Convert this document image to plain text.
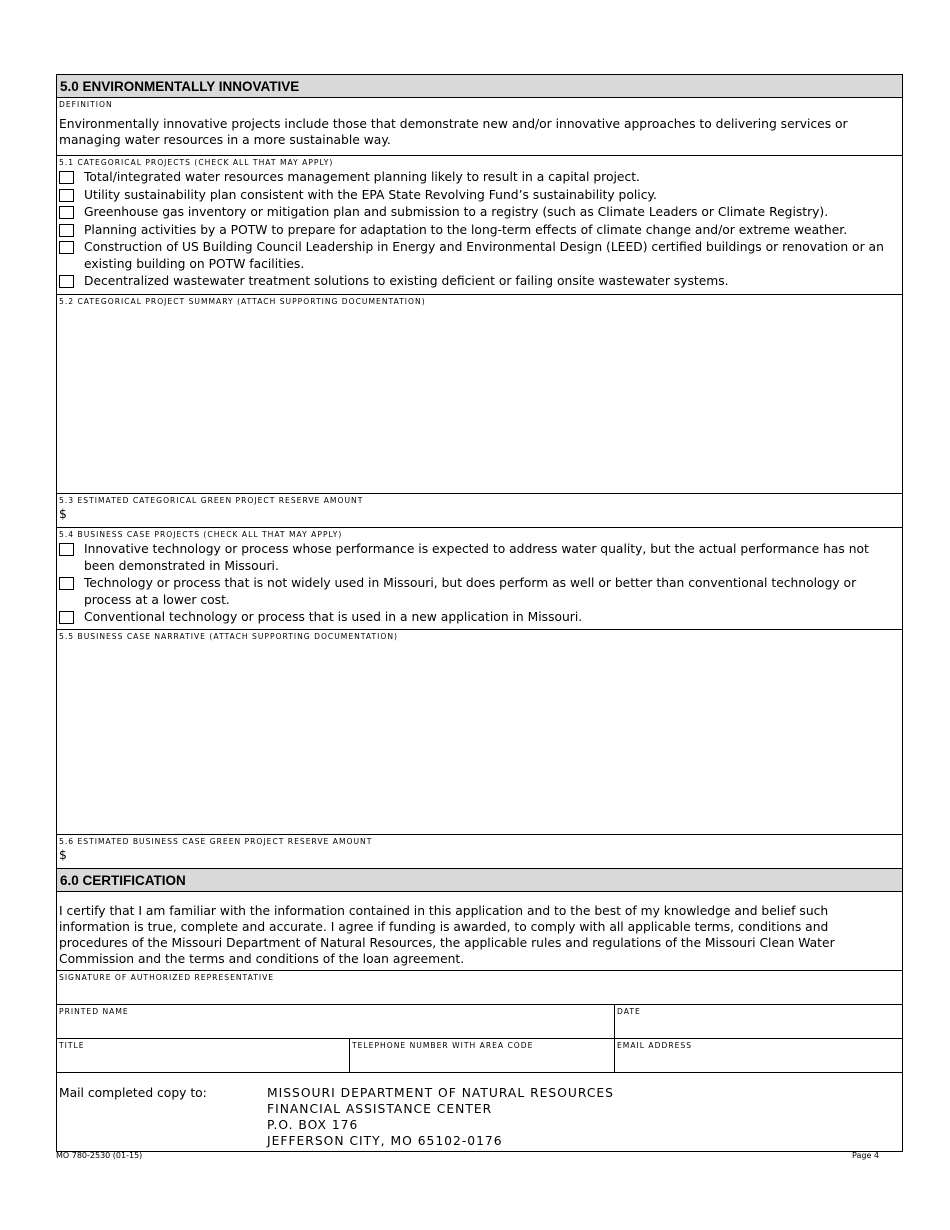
5.0 ENVIRONMENTALLY INNOVATIVE
DEFINITION
Environmentally innovative projects include those that demonstrate new and/or innovative approaches to delivering services or managing water resources in a more sustainable way.
5.1 CATEGORICAL PROJECTS (CHECK ALL THAT MAY APPLY)
Total/integrated water resources management planning likely to result in a capital project.
Utility sustainability plan consistent with the EPA State Revolving Fund’s sustainability policy.
Greenhouse gas inventory or mitigation plan and submission to a registry (such as Climate Leaders or Climate Registry).
Planning activities by a POTW to prepare for adaptation to the long-term effects of climate change and/or extreme weather.
Construction of US Building Council Leadership in Energy and Environmental Design (LEED) certified buildings or renovation or an existing building on POTW facilities.
Decentralized wastewater treatment solutions to existing deficient or failing onsite wastewater systems.
5.2 CATEGORICAL PROJECT SUMMARY (ATTACH SUPPORTING DOCUMENTATION)
5.3 ESTIMATED CATEGORICAL GREEN PROJECT RESERVE AMOUNT
$
5.4 BUSINESS CASE PROJECTS (CHECK ALL THAT MAY APPLY)
Innovative technology or process whose performance is expected to address water quality, but the actual performance has not been demonstrated in Missouri.
Technology or process that is not widely used in Missouri, but does perform as well or better than conventional technology or process at a lower cost.
Conventional technology or process that is used in a new application in Missouri.
5.5 BUSINESS CASE NARRATIVE (ATTACH SUPPORTING DOCUMENTATION)
5.6 ESTIMATED BUSINESS CASE GREEN PROJECT RESERVE AMOUNT
$
6.0 CERTIFICATION
I certify that I am familiar with the information contained in this application and to the best of my knowledge and belief such information is true, complete and accurate. I agree if funding is awarded, to comply with all applicable terms, conditions and procedures of the Missouri Department of Natural Resources, the applicable rules and regulations of the Missouri Clean Water Commission and the terms and conditions of the loan agreement.
SIGNATURE OF AUTHORIZED REPRESENTATIVE
PRINTED NAME	DATE
TITLE	TELEPHONE NUMBER WITH AREA CODE	EMAIL ADDRESS
Mail completed copy to:	MISSOURI DEPARTMENT OF NATURAL RESOURCES
FINANCIAL ASSISTANCE CENTER
P.O. BOX 176
JEFFERSON CITY, MO 65102-0176
MO 780-2530 (01-15)	Page 4
